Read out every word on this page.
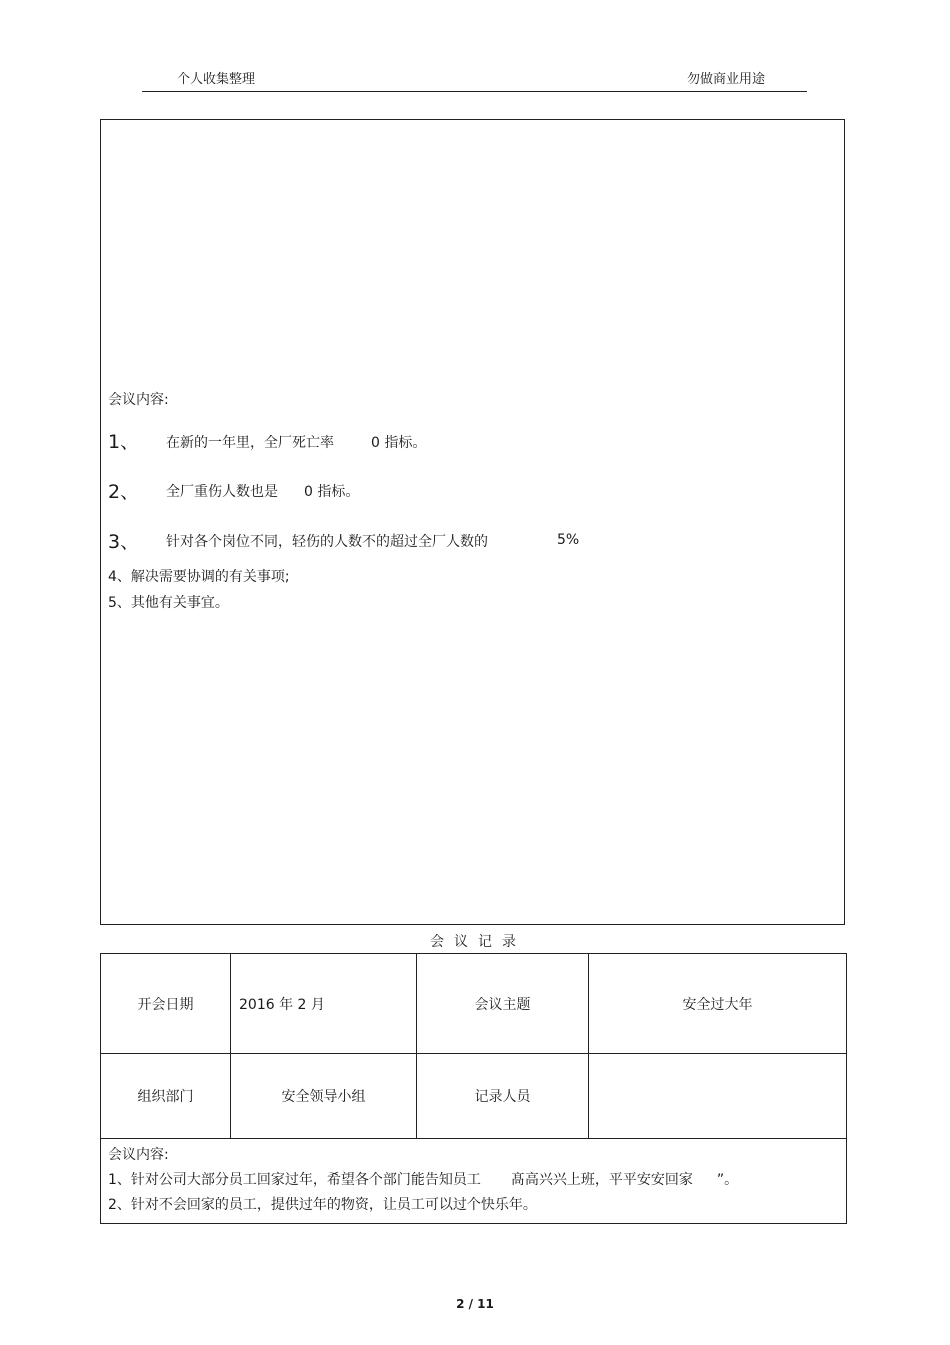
个人收集整理	勿做商业用途
会议内容:
1、 在新的一年里，全厂死亡率	0 指标。
2、 全厂重伤人数也是 0 指标。
3、 针对各个岗位不同，轻伤的人数不的超过全厂人数的	5%
4、解决需要协调的有关事项;
5、其他有关事宜。
会议记录
开会日期	2016 年 2 月	会议主题	安全过大年
组织部门	安全领导小组	记录人员	

会议内容:
1、针对公司大部分员工回家过年，希望各个部门能告知员工 髙高兴兴上班，平平安安回家 ”。
2、针对不会回家的员工，提供过年的物资，让员工可以过个快乐年。			
2 / 11
